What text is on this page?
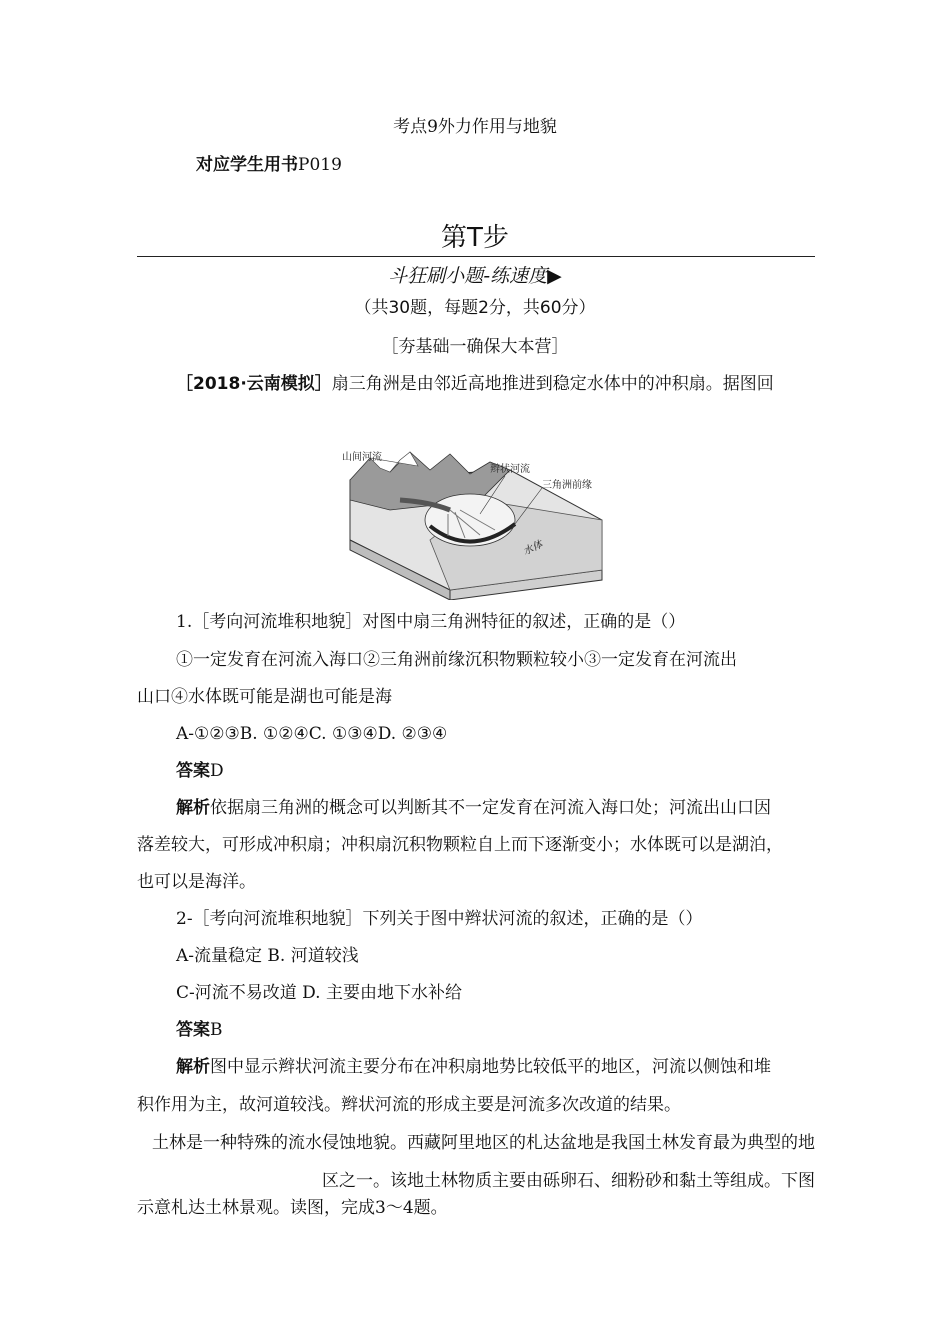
考点9外力作用与地貌
对应学生用书P019
第T步
斗狂刷小题-练速度▶
（共30题，每题2分，共60分）
［夯基础一确保大本营］
［2018·云南模拟］扇三角洲是由邻近高地推进到稳定水体中的冲积扇。据图回
山间河流
辫状河流
三角洲前缘
水体
1.［考向河流堆积地貌］对图中扇三角洲特征的叙述，正确的是（）
①一定发育在河流入海口②三角洲前缘沉积物颗粒较小③一定发育在河流出
山口④水体既可能是湖也可能是海
A-①②③B. ①②④C. ①③④D. ②③④
答案D
解析依据扇三角洲的概念可以判断其不一定发育在河流入海口处；河流出山口因
落差较大，可形成冲积扇；冲积扇沉积物颗粒自上而下逐渐变小；水体既可以是湖泊，
也可以是海洋。
2-［考向河流堆积地貌］下列关于图中辫状河流的叙述，正确的是（）
A-流量稳定 B. 河道较浅
C-河流不易改道 D. 主要由地下水补给
答案B
解析图中显示辫状河流主要分布在冲积扇地势比较低平的地区，河流以侧蚀和堆
积作用为主，故河道较浅。辫状河流的形成主要是河流多次改道的结果。
土林是一种特殊的流水侵蚀地貌。西藏阿里地区的札达盆地是我国土林发育最为典型的地
区之一。该地土林物质主要由砾卵石、细粉砂和黏土等组成。下图
示意札达土林景观。读图，完成3〜4题。
